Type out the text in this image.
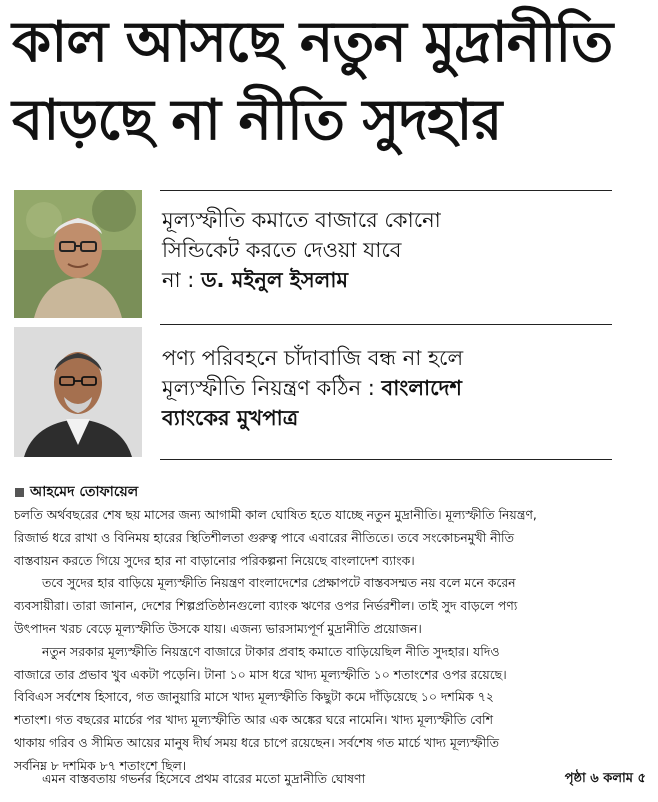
কাল আসছে নতুন মুদ্রানীতি
বাড়ছে না নীতি সুদহার
মূল্যস্ফীতি কমাতে বাজারে কোনো
সিন্ডিকেট করতে দেওয়া যাবে
না : ড. মইনুল ইসলাম
পণ্য পরিবহনে চাঁদাবাজি বন্ধ না হলে
মূল্যস্ফীতি নিয়ন্ত্রণ কঠিন : বাংলাদেশ
ব্যাংকের মুখপাত্র
আহমেদ তোফায়েল
চলতি অর্থবছরের শেষ ছয় মাসের জন্য আগামী কাল ঘোষিত হতে যাচ্ছে নতুন মুদ্রানীতি। মূল্যস্ফীতি নিয়ন্ত্রণ,
রিজার্ভ ধরে রাখা ও বিনিময় হারের স্থিতিশীলতা গুরুত্ব পাবে এবারের নীতিতে। তবে সংকোচনমুখী নীতি
বাস্তবায়ন করতে গিয়ে সুদের হার না বাড়ানোর পরিকল্পনা নিয়েছে বাংলাদেশ ব্যাংক।
তবে সুদের হার বাড়িয়ে মূল্যস্ফীতি নিয়ন্ত্রণ বাংলাদেশের প্রেক্ষাপটে বাস্তবসম্মত নয় বলে মনে করেন
ব্যবসায়ীরা। তারা জানান, দেশের শিল্পপ্রতিষ্ঠানগুলো ব্যাংক ঋণের ওপর নির্ভরশীল। তাই সুদ বাড়লে পণ্য
উৎপাদন খরচ বেড়ে মূল্যস্ফীতি উসকে যায়। এজন্য ভারসাম্যপূর্ণ মুদ্রানীতি প্রয়োজন।
নতুন সরকার মূল্যস্ফীতি নিয়ন্ত্রণে বাজারে টাকার প্রবাহ কমাতে বাড়িয়েছিল নীতি সুদহার। যদিও
বাজারে তার প্রভাব খুব একটা পড়েনি। টানা ১০ মাস ধরে খাদ্য মূল্যস্ফীতি ১০ শতাংশের ওপর রয়েছে।
বিবিএস সর্বশেষ হিসাবে, গত জানুয়ারি মাসে খাদ্য মূল্যস্ফীতি কিছুটা কমে দাঁড়িয়েছে ১০ দশমিক ৭২
শতাংশ। গত বছরের মার্চের পর খাদ্য মূল্যস্ফীতি আর এক অঙ্কের ঘরে নামেনি। খাদ্য মূল্যস্ফীতি বেশি
থাকায় গরিব ও সীমিত আয়ের মানুষ দীর্ঘ সময় ধরে চাপে রয়েছেন। সর্বশেষ গত মার্চে খাদ্য মূল্যস্ফীতি
সর্বনিম্ন ৮ দশমিক ৮৭ শতাংশে ছিল।
এমন বাস্তবতায় গভর্নর হিসেবে প্রথম বারের মতো মুদ্রানীতি ঘোষণা	পৃষ্ঠা ৬ কলাম ৫
